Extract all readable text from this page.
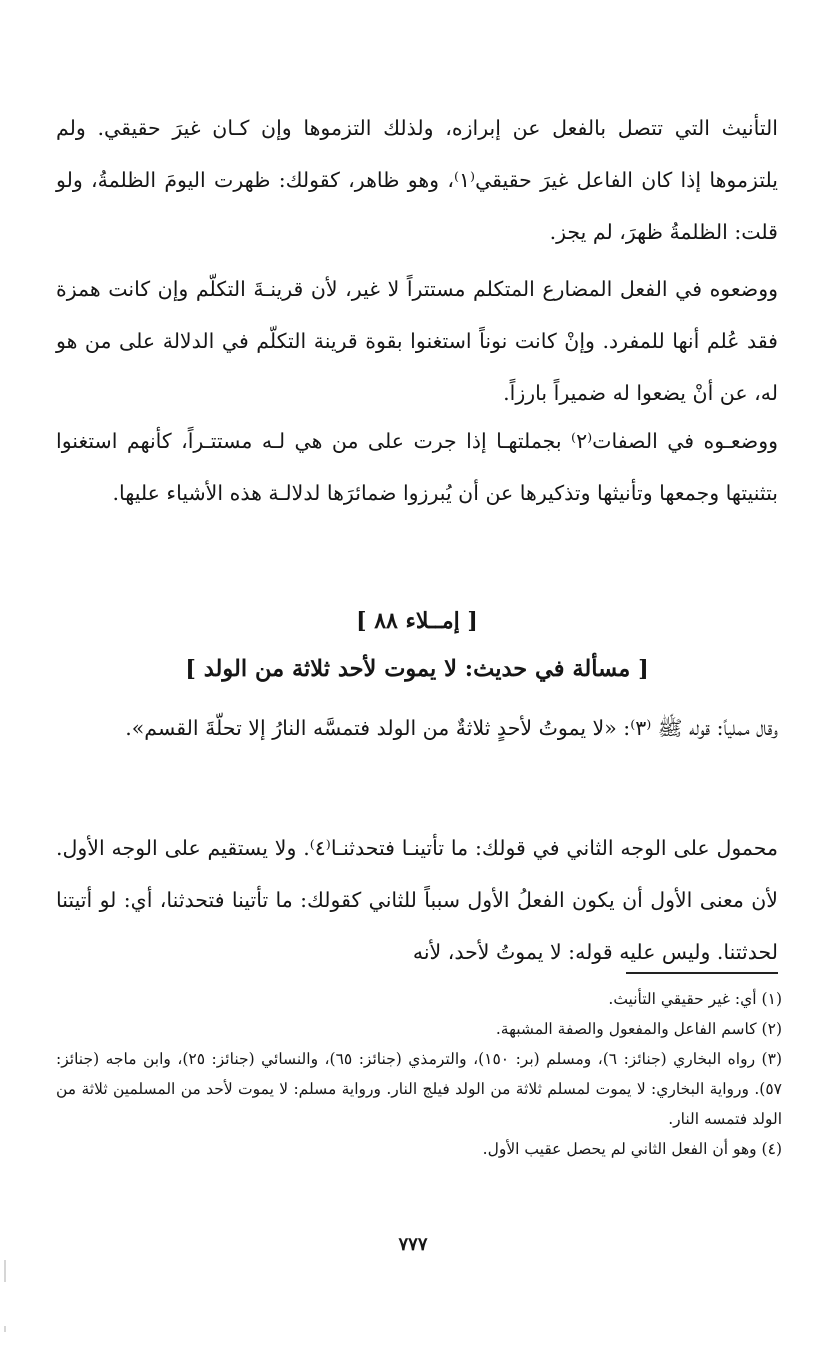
التأنيث التي تتصل بالفعل عن إبرازه، ولذلك التزموها وإن كـان غيرَ حقيقي. ولم يلتزموها إذا كان الفاعل غيرَ حقيقي⁽١⁾، وهو ظاهر، كقولك: ظهرت اليومَ الظلمةُ، ولو قلت: الظلمةُ ظهرَ، لم يجز.

ووضعوه في الفعل المضارع المتكلم مستتراً لا غير، لأن قرينـةَ التكلّم وإن كانت همزة فقد عُلم أنها للمفرد. وإنْ كانت نوناً استغنوا بقوة قرينة التكلّم في الدلالة على من هو له، عن أنْ يضعوا له ضميراً بارزاً.

ووضعـوه في الصفات⁽٢⁾ بجملتهـا إذا جرت على من هي لـه مستتـراً، كأنهم استغنوا بتثنيتها وجمعها وتأنيثها وتذكيرها عن أن يُبرزوا ضمائرَها لدلالـة هذه الأشياء عليها.

[ إمــلاء ٨٨ ]
[ مسألة في حديث: لا يموت لأحد ثلاثة من الولد ]

وقال مملياً: قوله ﷺ ⁽٣⁾: «لا يموتُ لأحدٍ ثلاثةٌ من الولد فتمسَّه النارُ إلا تحلّةَ القسم».

محمول على الوجه الثاني في قولك: ما تأتينـا فتحدثنـا⁽٤⁾. ولا يستقيم على الوجه الأول. لأن معنى الأول أن يكون الفعلُ الأول سبباً للثاني كقولك: ما تأتينا فتحدثنا، أي: لو أتيتنا لحدثتنا. وليس عليه قوله: لا يموتُ لأحد، لأنه

(١) أي: غير حقيقي التأنيث.

(٢) كاسم الفاعل والمفعول والصفة المشبهة.

(٣) رواه البخاري (جنائز: ٦)، ومسلم (بر: ١٥٠)، والترمذي (جنائز: ٦٥)، والنسائي (جنائز: ٢٥)، وابن ماجه (جنائز: ٥٧). ورواية البخاري: لا يموت لمسلم ثلاثة من الولد فيلج النار. ورواية مسلم: لا يموت لأحد من المسلمين ثلاثة من الولد فتمسه النار.

(٤) وهو أن الفعل الثاني لم يحصل عقيب الأول.

٧٧٧
